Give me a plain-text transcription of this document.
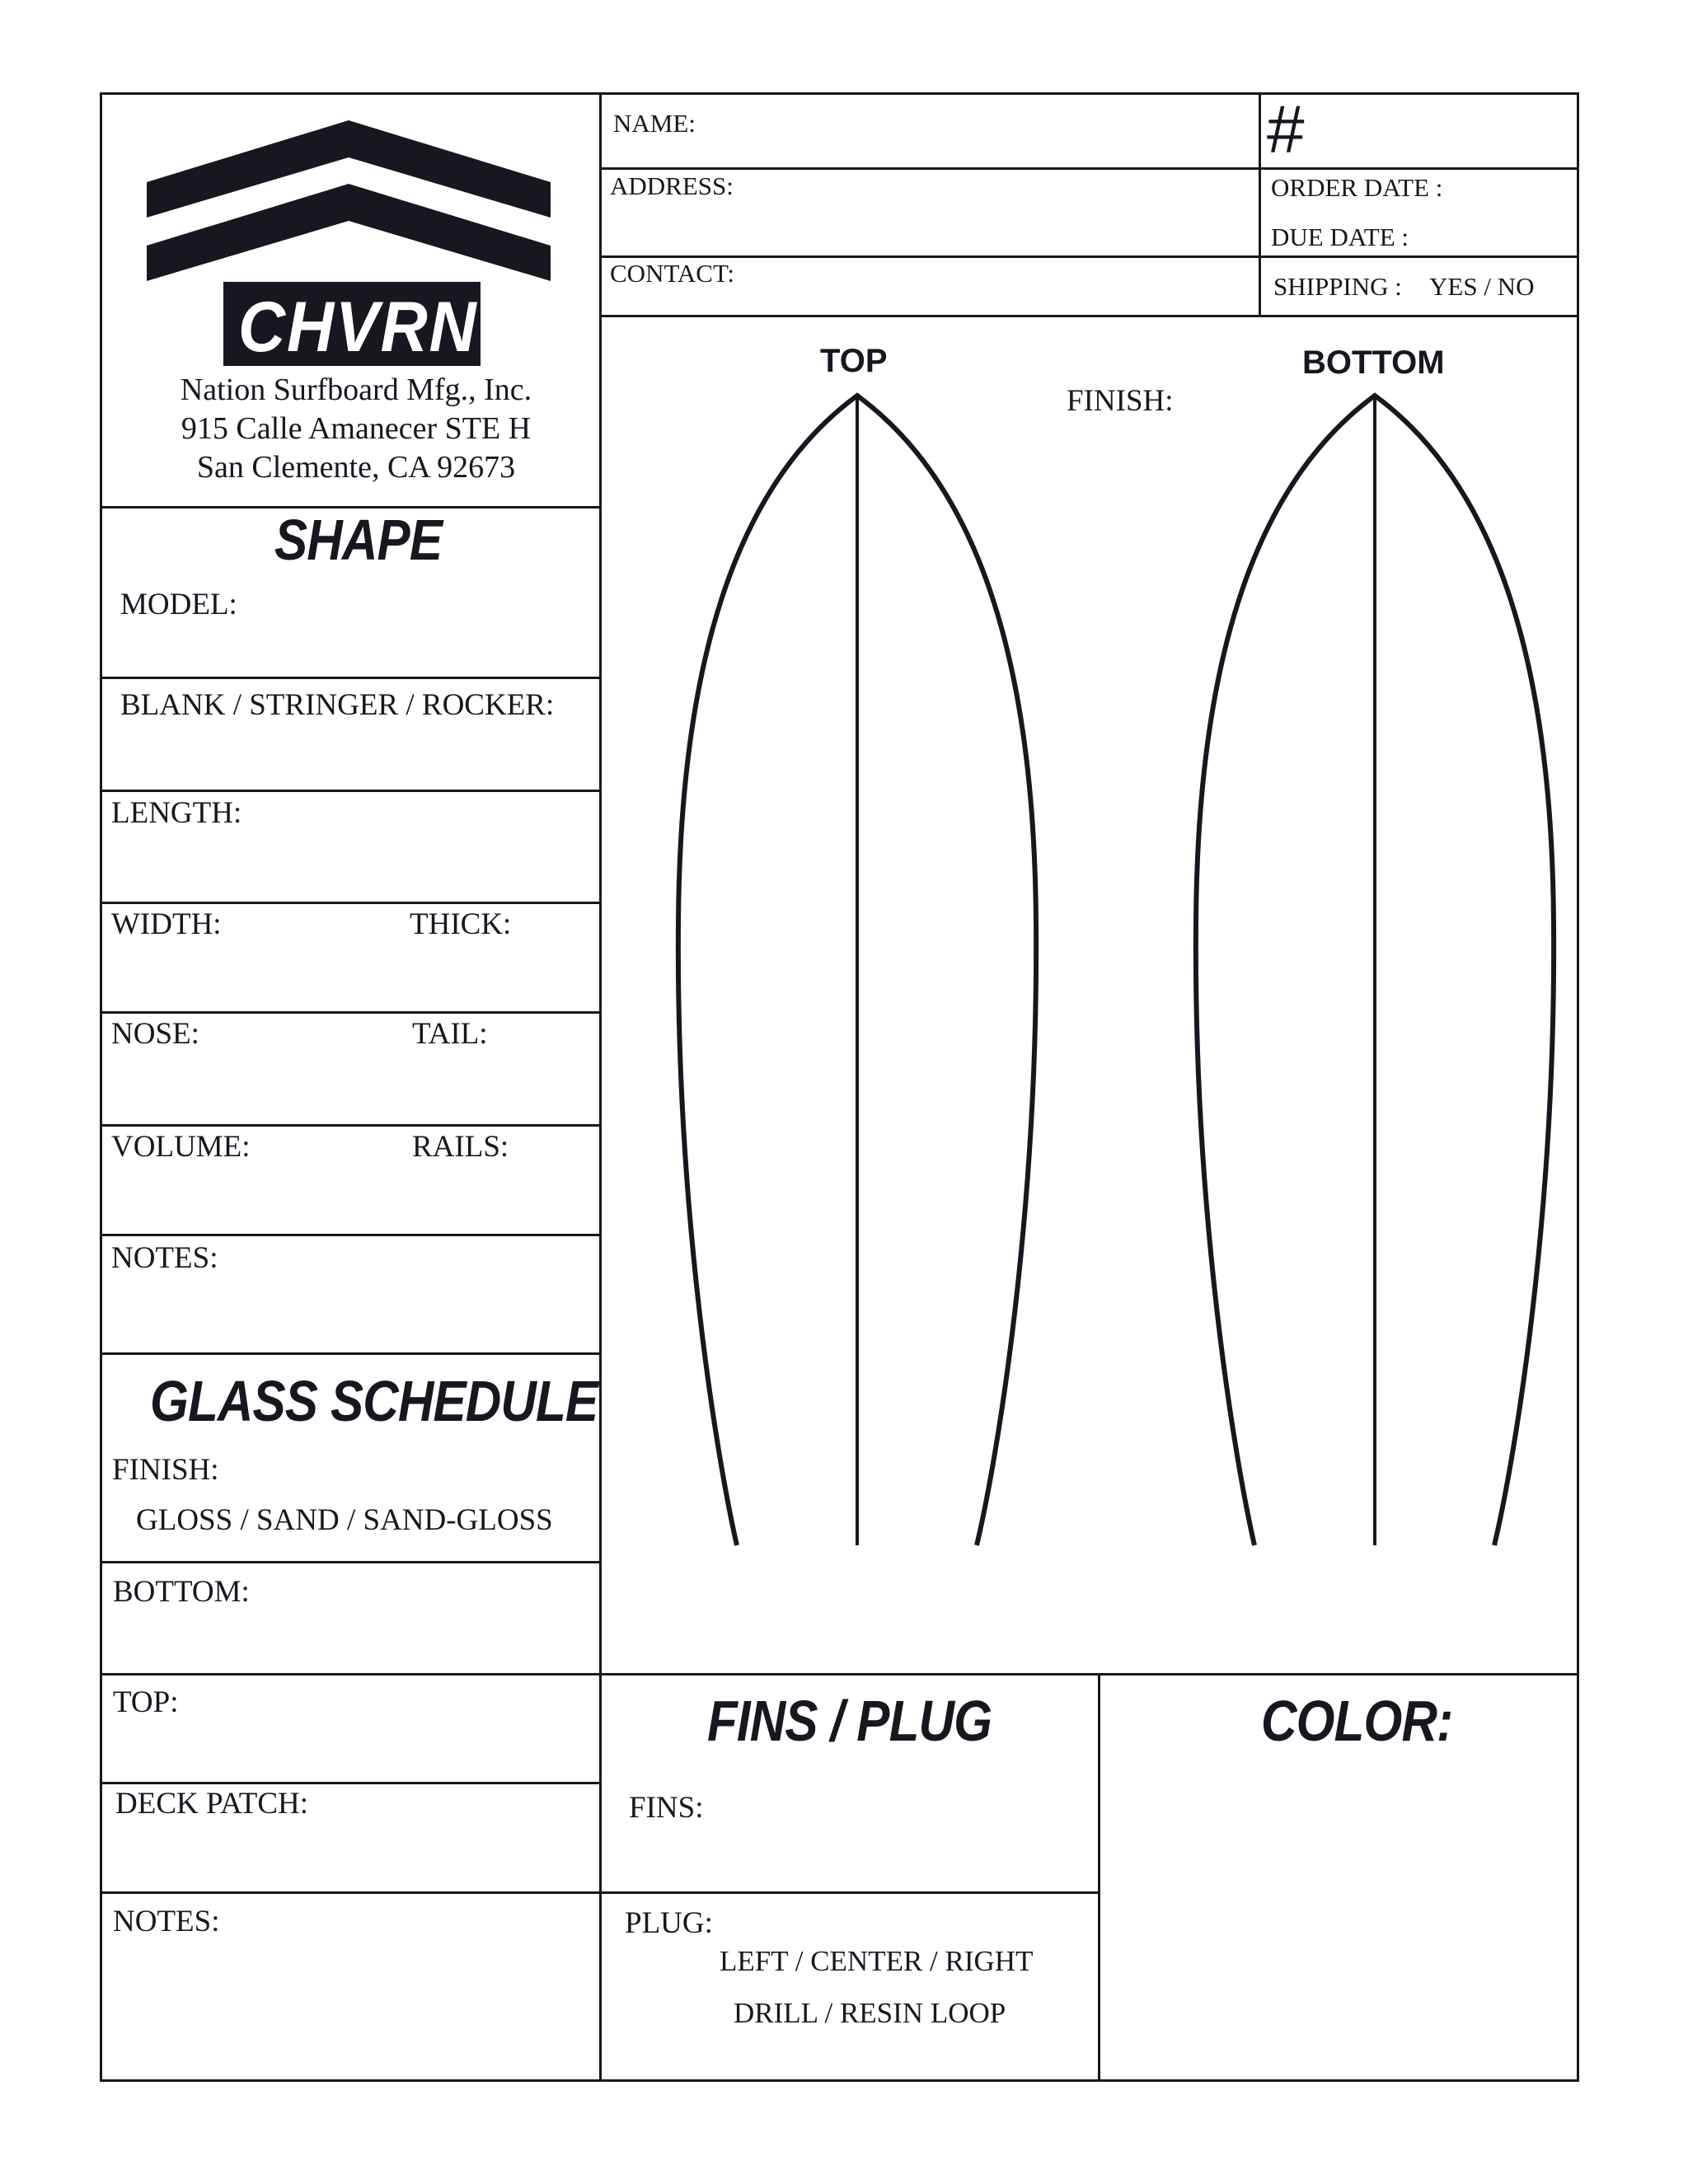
CHVRN
Nation Surfboard Mfg., Inc.
915 Calle Amanecer STE H
San Clemente, CA 92673
NAME:	#
ADDRESS:	ORDER DATE :
DUE DATE :
CONTACT:	SHIPPING : YES / NO
SHAPE
MODEL:
BLANK / STRINGER / ROCKER:
LENGTH:
WIDTH:	THICK:
NOSE:	TAIL:
VOLUME:	RAILS:
NOTES:
GLASS SCHEDULE
FINISH:
GLOSS / SAND / SAND-GLOSS
BOTTOM:
TOP:
DECK PATCH:
NOTES:
TOP	BOTTOM
FINISH:
FINS / PLUG
FINS:
PLUG:
LEFT / CENTER / RIGHT
DRILL / RESIN LOOP
COLOR:
